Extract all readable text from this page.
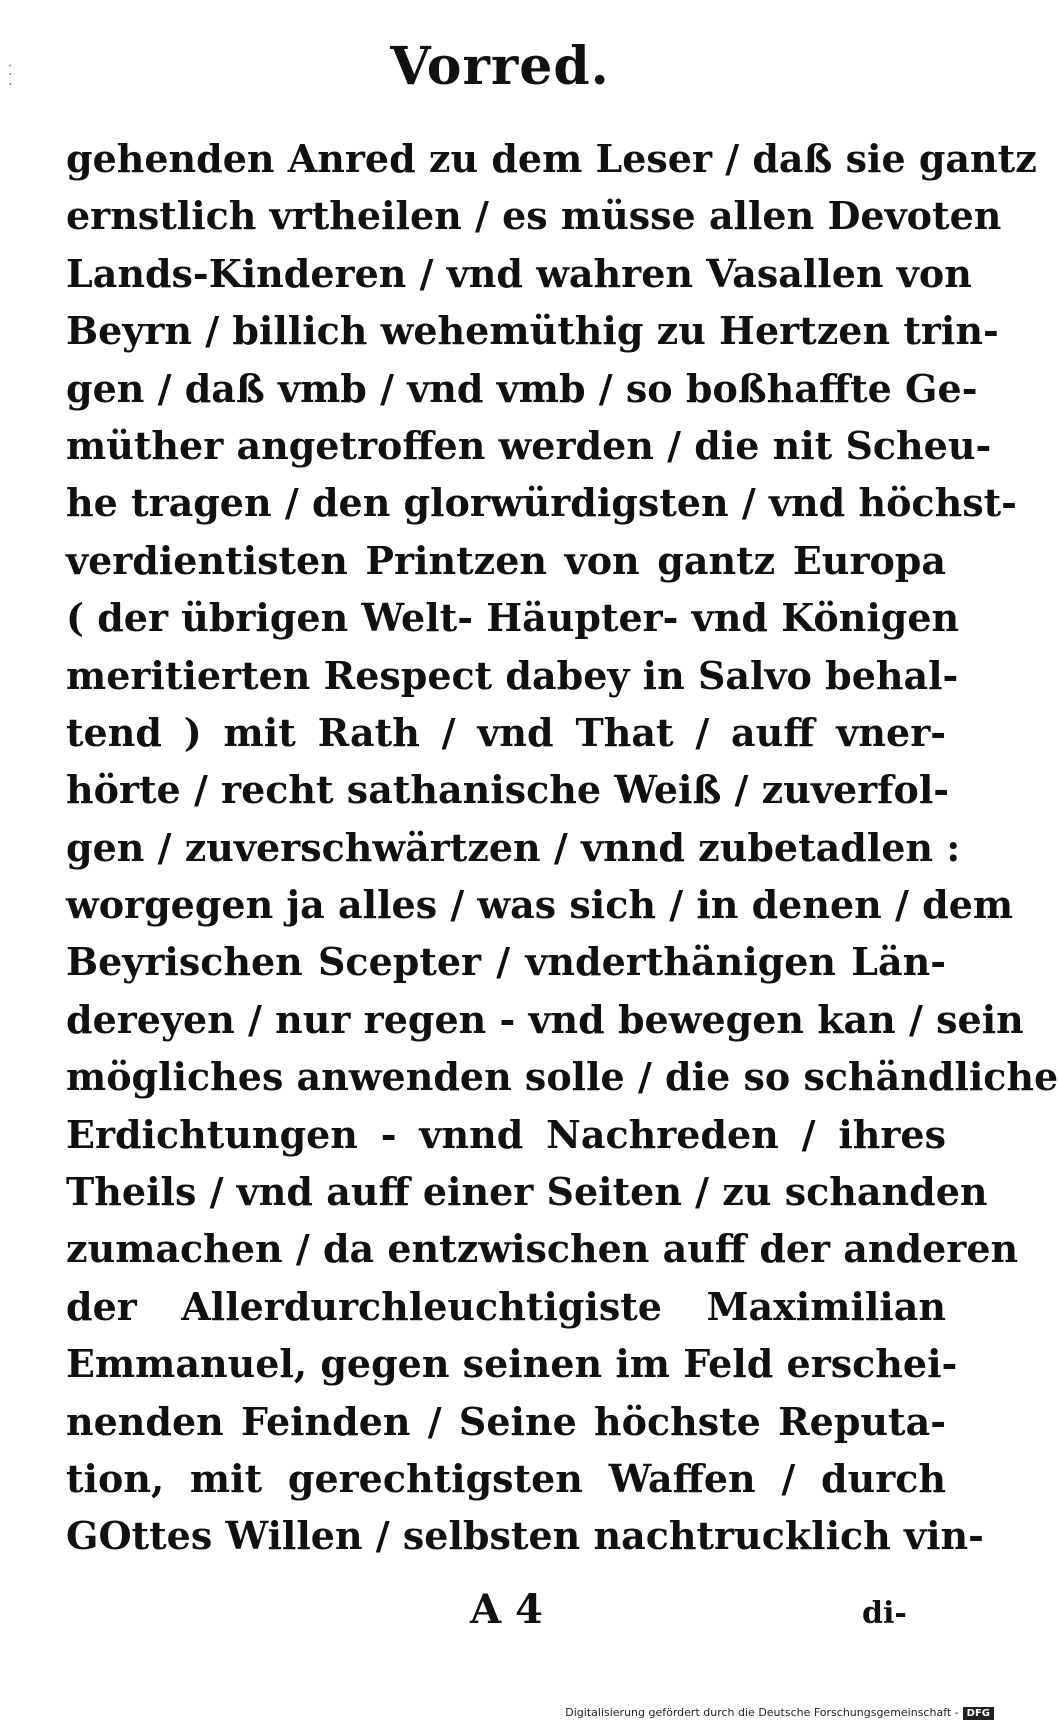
⁚
·	Vorred.
gehenden Anred zu dem Leser / daß sie gantz
ernstlich vrtheilen / es müsse allen Devoten
Lands-Kinderen / vnd wahren Vasallen von
Beyrn / billich wehemüthig zu Hertzen trin-
gen / daß vmb / vnd vmb / so boßhaffte Ge-
müther angetroffen werden / die nit Scheu-
he tragen / den glorwürdigsten / vnd höchst-
verdientisten Printzen von gantz Europa
( der übrigen Welt- Häupter- vnd Königen
meritierten Respect dabey in Salvo behal-
tend ) mit Rath / vnd That / auff vner-
hörte / recht sathanische Weiß / zuverfol-
gen / zuverschwärtzen / vnnd zubetadlen :
worgegen ja alles / was sich / in denen / dem
Beyrischen Scepter / vnderthänigen Län-
dereyen / nur regen - vnd bewegen kan / sein
mögliches anwenden solle / die so schändliche
Erdichtungen - vnnd Nachreden / ihres
Theils / vnd auff einer Seiten / zu schanden
zumachen / da entzwischen auff der anderen
der Allerdurchleuchtigiste Maximilian
Emmanuel, gegen seinen im Feld erschei-
nenden Feinden / Seine höchste Reputa-
tion, mit gerechtigsten Waffen / durch
GOttes Willen / selbsten nachtrucklich vin-
A 4	di-
Digitalisierung gefördert durch die Deutsche Forschungsgemeinschaft - DFG
